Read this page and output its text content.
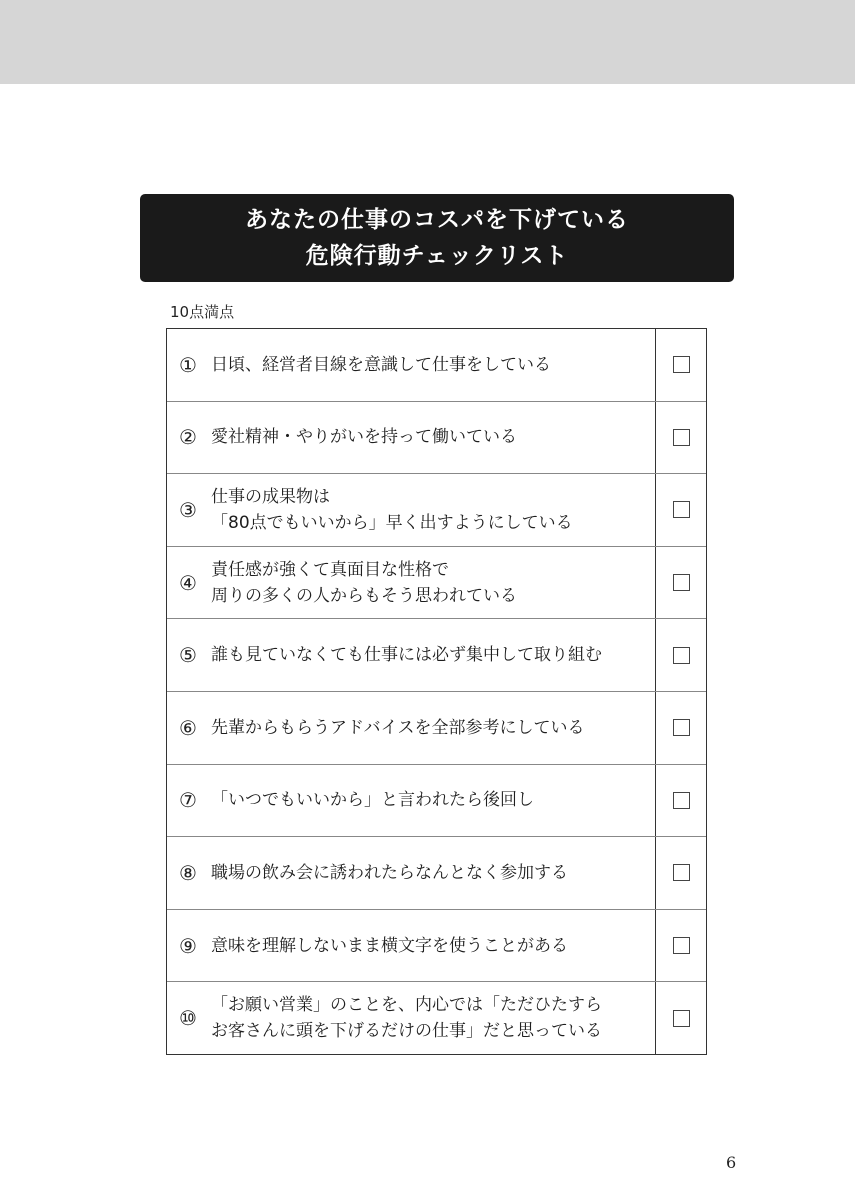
あなたの仕事のコスパを下げている
危険行動チェックリスト
10点満点
① 日頃、経営者目線を意識して仕事をしている
② 愛社精神・やりがいを持って働いている
③
仕事の成果物は
「80点でもいいから」早く出すようにしている
④
責任感が強くて真面目な性格で
周りの多くの人からもそう思われている
⑤ 誰も見ていなくても仕事には必ず集中して取り組む
⑥ 先輩からもらうアドバイスを全部参考にしている
⑦ 「いつでもいいから」と言われたら後回し
⑧ 職場の飲み会に誘われたらなんとなく参加する
⑨ 意味を理解しないまま横文字を使うことがある
⑩
「お願い営業」のことを、内心では「ただひたすら
お客さんに頭を下げるだけの仕事」だと思っている
6
